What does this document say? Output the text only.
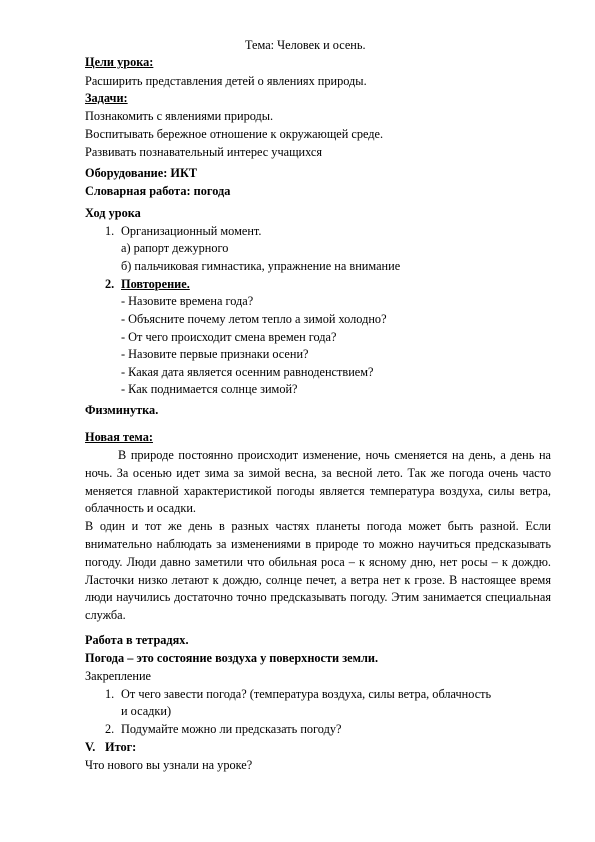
Тема: Человек и осень.
Цели урока:
Расширить представления детей о явлениях природы.
Задачи:
Познакомить с явлениями природы.
Воспитывать бережное отношение к окружающей среде.
Развивать познавательный интерес учащихся
Оборудование: ИКТ
Словарная работа: погода
Ход урока
1. Организационный момент.
а) рапорт дежурного
б) пальчиковая гимнастика, упражнение на внимание
2. Повторение.
- Назовите времена года?
- Объясните почему летом тепло а зимой холодно?
- От чего происходит смена времен года?
- Назовите первые признаки осени?
- Какая дата является осенним равноденствием?
- Как поднимается солнце зимой?
Физминутка.
Новая тема:

В природе постоянно происходит изменение, ночь сменяется на день, а день на ночь. За осенью идет зима за зимой весна, за весной лето. Так же погода очень часто меняется главной характеристикой погоды является температура воздуха, силы ветра, облачность и осадки.

В один и тот же день в разных частях планеты погода может быть разной. Если внимательно наблюдать за изменениями в природе то можно научиться предсказывать погоду. Люди давно заметили что обильная роса – к ясному дню, нет росы – к дождю. Ласточки низко летают к дождю, солнце печет, а ветра нет к грозе. В настоящее время люди научились достаточно точно предсказывать погоду. Этим занимается специальная служба.

Работа в тетрадях.
Погода – это состояние воздуха у поверхности земли.
Закрепление
1. От чего завести погода? (температура воздуха, силы ветра, облачность
и осадки)
2. Подумайте можно ли предсказать погоду?
V. Итог:
Что нового вы узнали на уроке?
